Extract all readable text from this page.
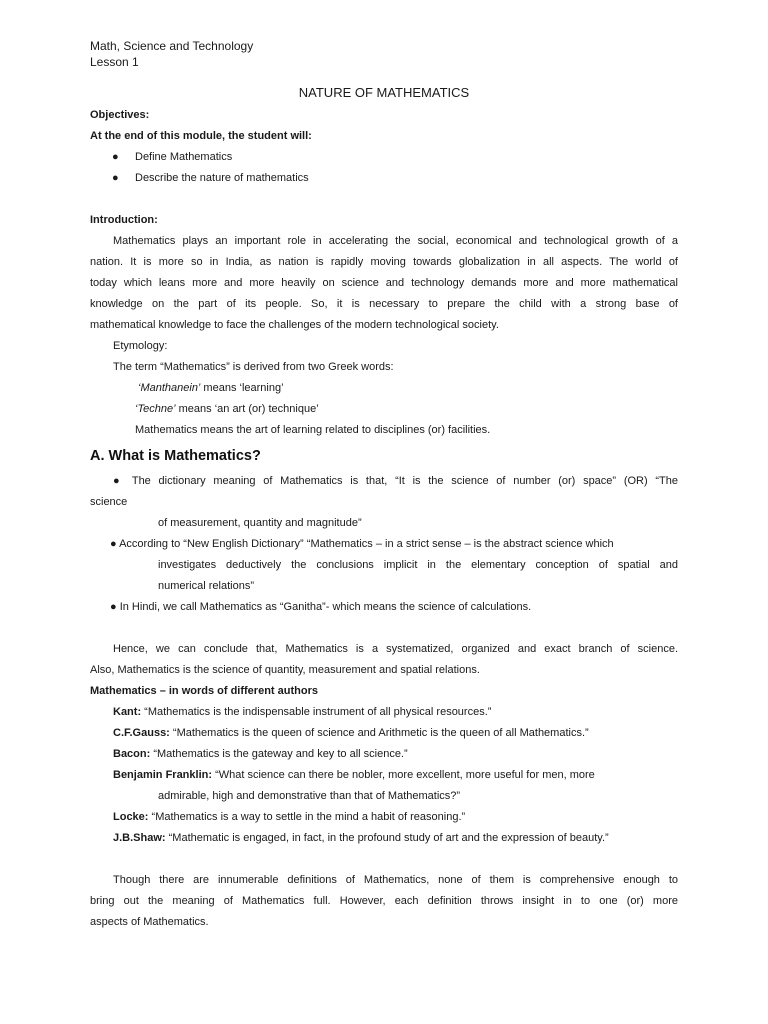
Math, Science and Technology
Lesson 1
NATURE OF MATHEMATICS
Objectives:
At the end of this module, the student will:
● Define Mathematics
● Describe the nature of mathematics
Introduction:
Mathematics plays an important role in accelerating the social, economical and technological growth of a
nation. It is more so in India, as nation is rapidly moving towards globalization in all aspects. The world of
today which leans more and more heavily on science and technology demands more and more mathematical
knowledge on the part of its people. So, it is necessary to prepare the child with a strong base of
mathematical knowledge to face the challenges of the modern technological society.
Etymology:
The term “Mathematics” is derived from two Greek words:
‘Manthanein’ means ‘learning’
‘Techne’ means ‘an art (or) technique’
Mathematics means the art of learning related to disciplines (or) facilities.
A. What is Mathematics?
● The dictionary meaning of Mathematics is that, “It is the science of number (or) space” (OR) “The
science
of measurement, quantity and magnitude”
● According to “New English Dictionary” “Mathematics – in a strict sense – is the abstract science which
investigates deductively the conclusions implicit in the elementary conception of spatial and
numerical relations”
● In Hindi, we call Mathematics as “Ganitha”- which means the science of calculations.
Hence, we can conclude that, Mathematics is a systematized, organized and exact branch of science.
Also, Mathematics is the science of quantity, measurement and spatial relations.
Mathematics – in words of different authors
Kant: “Mathematics is the indispensable instrument of all physical resources.”
C.F.Gauss: “Mathematics is the queen of science and Arithmetic is the queen of all Mathematics.”
Bacon: “Mathematics is the gateway and key to all science.”
Benjamin Franklin: “What science can there be nobler, more excellent, more useful for men, more
admirable, high and demonstrative than that of Mathematics?”
Locke: “Mathematics is a way to settle in the mind a habit of reasoning.”
J.B.Shaw: “Mathematic is engaged, in fact, in the profound study of art and the expression of beauty.”
Though there are innumerable definitions of Mathematics, none of them is comprehensive enough to
bring out the meaning of Mathematics full. However, each definition throws insight in to one (or) more
aspects of Mathematics.
